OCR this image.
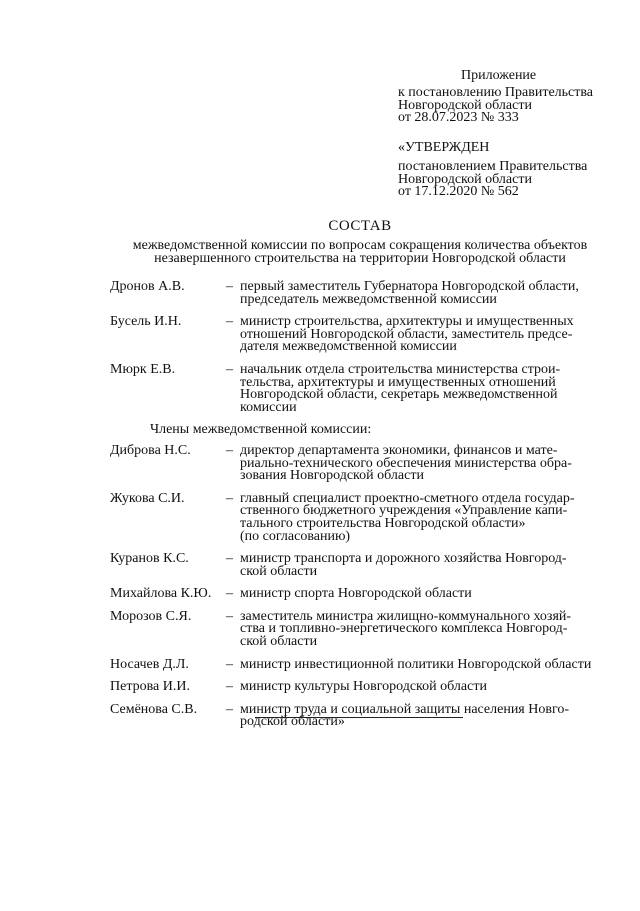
Приложение
к постановлению Правительства
Новгородской области
от 28.07.2023 № 333
«УТВЕРЖДЕН
постановлением Правительства
Новгородской области
от 17.12.2020 № 562
СОСТАВ
межведомственной комиссии по вопросам сокращения количества объектов
незавершенного строительства на территории Новгородской области
Дронов А.В.	– первый заместитель Губернатора Новгородской области,
председатель межведомственной комиссии
Бусель И.Н.	– министр строительства, архитектуры и имущественных
отношений Новгородской области, заместитель предсе-
дателя межведомственной комиссии
Мюрк Е.В.	– начальник отдела строительства министерства строи-
тельства, архитектуры и имущественных отношений
Новгородской области, секретарь межведомственной
комиссии
Члены межведомственной комиссии:
Диброва Н.С.	– директор департамента экономики, финансов и мате-
риально-технического обеспечения министерства обра-
зования Новгородской области
Жукова С.И.	– главный специалист проектно-сметного отдела государ-
ственного бюджетного учреждения «Управление капи-
тального строительства Новгородской области»
(по согласованию)
Куранов К.С.	– министр транспорта и дорожного хозяйства Новгород-
ской области
Михайлова К.Ю. – министр спорта Новгородской области
Морозов С.Я. – заместитель министра жилищно-коммунального хозяй-
ства и топливно-энергетического комплекса Новгород-
ской области
Носачев Д.Л.	– министр инвестиционной политики Новгородской области
Петрова И.И.	– министр культуры Новгородской области
Семёнова С.В. – министр труда и социальной защиты населения Новго-
родской области»
